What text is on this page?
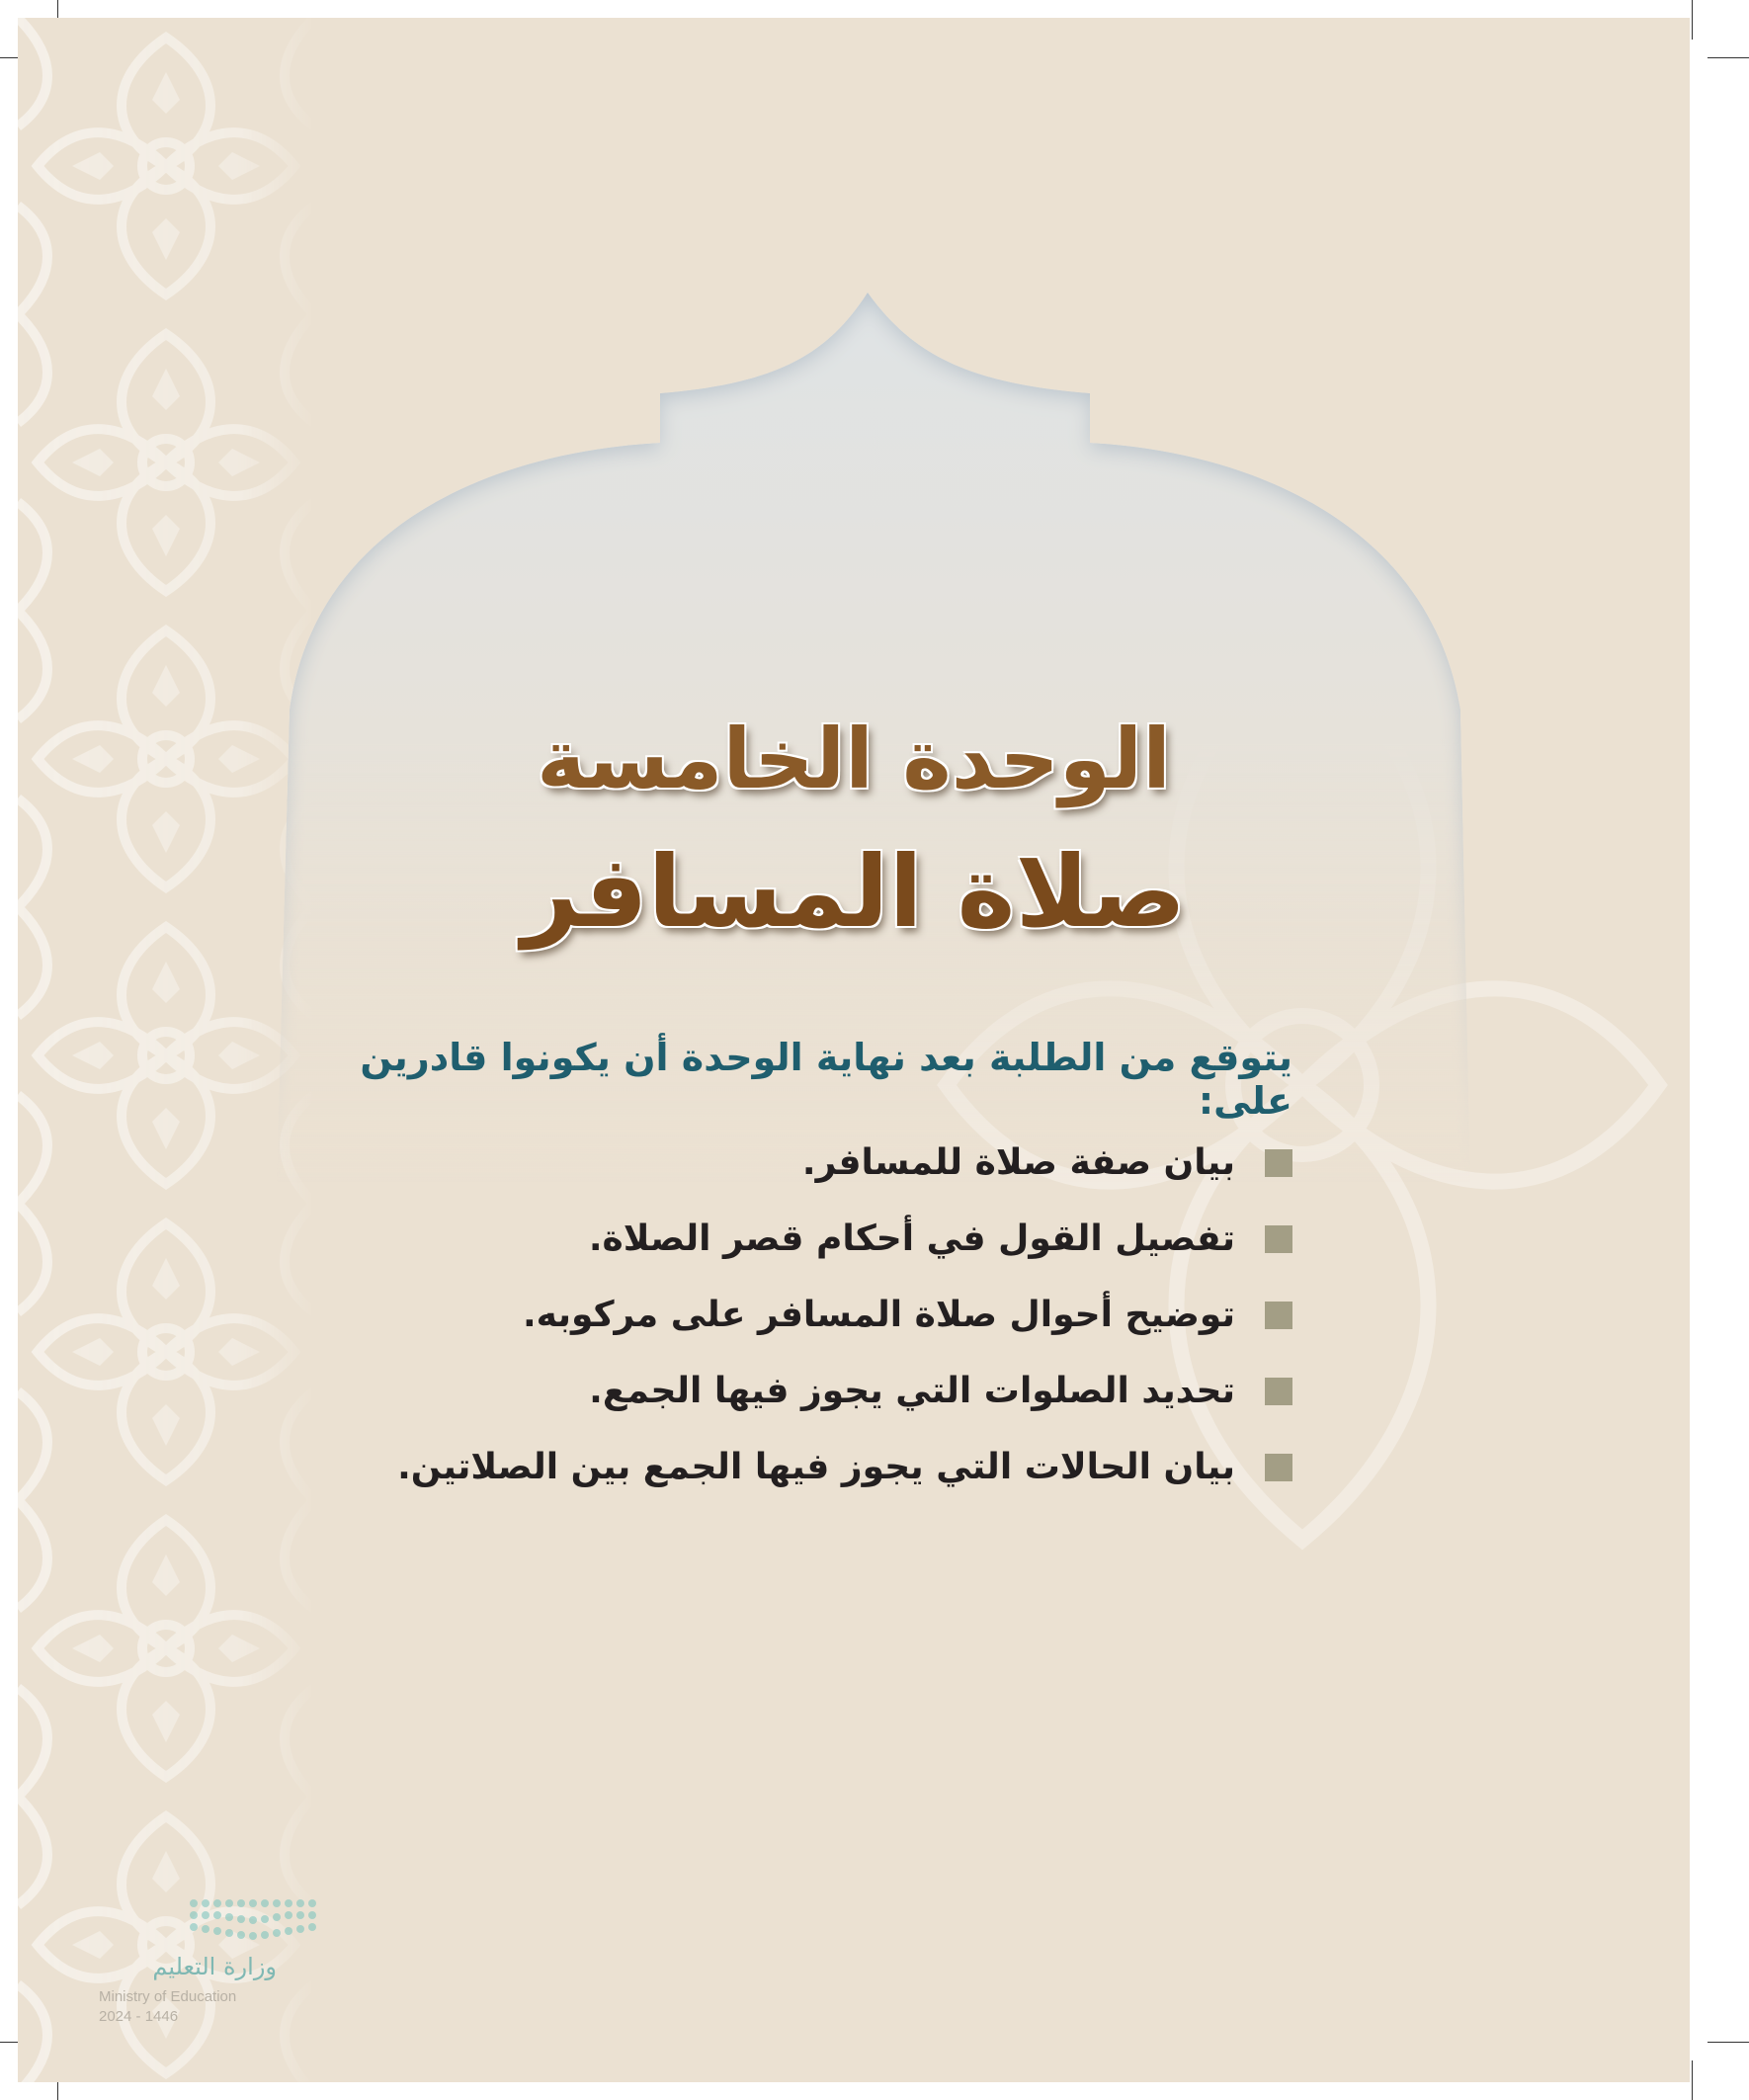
الوحدة الخامسة
صلاة المسافر
يتوقع من الطلبة بعد نهاية الوحدة أن يكونوا قادرين على:
بيان صفة صلاة للمسافر.
تفصيل القول في أحكام قصر الصلاة.
توضيح أحوال صلاة المسافر على مركوبه.
تحديد الصلوات التي يجوز فيها الجمع.
بيان الحالات التي يجوز فيها الجمع بين الصلاتين.
وزارة التعليم
Ministry of Education
2024 - 1446
